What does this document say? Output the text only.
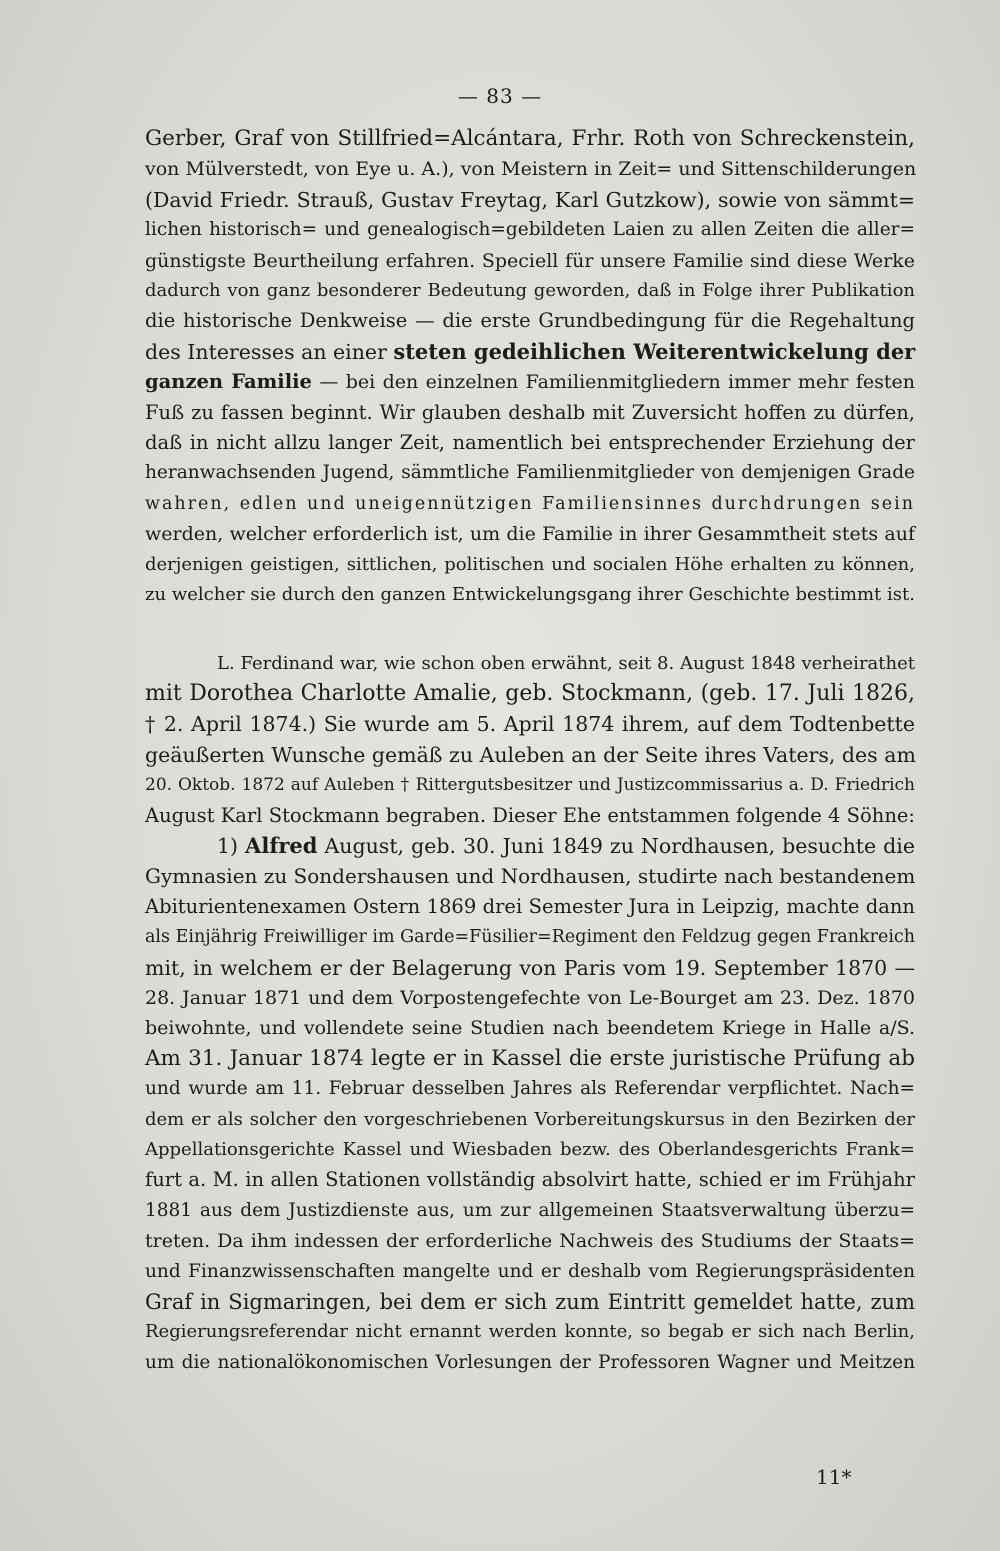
— 83 —
Gerber, Graf von Stillfried=Alcántara, Frhr. Roth von Schreckenstein,
von Mülverstedt, von Eye u. A.), von Meistern in Zeit= und Sittenschilderungen
(David Friedr. Strauß, Gustav Freytag, Karl Gutzkow), sowie von sämmt=
lichen historisch= und genealogisch=gebildeten Laien zu allen Zeiten die aller=
günstigste Beurtheilung erfahren. Speciell für unsere Familie sind diese Werke
dadurch von ganz besonderer Bedeutung geworden, daß in Folge ihrer Publikation
die historische Denkweise — die erste Grundbedingung für die Regehaltung
des Interesses an einer steten gedeihlichen Weiterentwickelung der
ganzen Familie — bei den einzelnen Familienmitgliedern immer mehr festen
Fuß zu fassen beginnt. Wir glauben deshalb mit Zuversicht hoffen zu dürfen,
daß in nicht allzu langer Zeit, namentlich bei entsprechender Erziehung der
heranwachsenden Jugend, sämmtliche Familienmitglieder von demjenigen Grade
wahren, edlen und uneigennützigen Familiensinnes durchdrungen sein
werden, welcher erforderlich ist, um die Familie in ihrer Gesammtheit stets auf
derjenigen geistigen, sittlichen, politischen und socialen Höhe erhalten zu können,
zu welcher sie durch den ganzen Entwickelungsgang ihrer Geschichte bestimmt ist.
L. Ferdinand war, wie schon oben erwähnt, seit 8. August 1848 verheirathet
mit Dorothea Charlotte Amalie, geb. Stockmann, (geb. 17. Juli 1826,
† 2. April 1874.) Sie wurde am 5. April 1874 ihrem, auf dem Todtenbette
geäußerten Wunsche gemäß zu Auleben an der Seite ihres Vaters, des am
20. Oktob. 1872 auf Auleben † Rittergutsbesitzer und Justizcommissarius a. D. Friedrich
August Karl Stockmann begraben. Dieser Ehe entstammen folgende 4 Söhne:
1) Alfred August, geb. 30. Juni 1849 zu Nordhausen, besuchte die
Gymnasien zu Sondershausen und Nordhausen, studirte nach bestandenem
Abiturientenexamen Ostern 1869 drei Semester Jura in Leipzig, machte dann
als Einjährig Freiwilliger im Garde=Füsilier=Regiment den Feldzug gegen Frankreich
mit, in welchem er der Belagerung von Paris vom 19. September 1870 —
28. Januar 1871 und dem Vorpostengefechte von Le-Bourget am 23. Dez. 1870
beiwohnte, und vollendete seine Studien nach beendetem Kriege in Halle a/S.
Am 31. Januar 1874 legte er in Kassel die erste juristische Prüfung ab
und wurde am 11. Februar desselben Jahres als Referendar verpflichtet. Nach=
dem er als solcher den vorgeschriebenen Vorbereitungskursus in den Bezirken der
Appellationsgerichte Kassel und Wiesbaden bezw. des Oberlandesgerichts Frank=
furt a. M. in allen Stationen vollständig absolvirt hatte, schied er im Frühjahr
1881 aus dem Justizdienste aus, um zur allgemeinen Staatsverwaltung überzu=
treten. Da ihm indessen der erforderliche Nachweis des Studiums der Staats=
und Finanzwissenschaften mangelte und er deshalb vom Regierungspräsidenten
Graf in Sigmaringen, bei dem er sich zum Eintritt gemeldet hatte, zum
Regierungsreferendar nicht ernannt werden konnte, so begab er sich nach Berlin,
um die nationalökonomischen Vorlesungen der Professoren Wagner und Meitzen
11*
